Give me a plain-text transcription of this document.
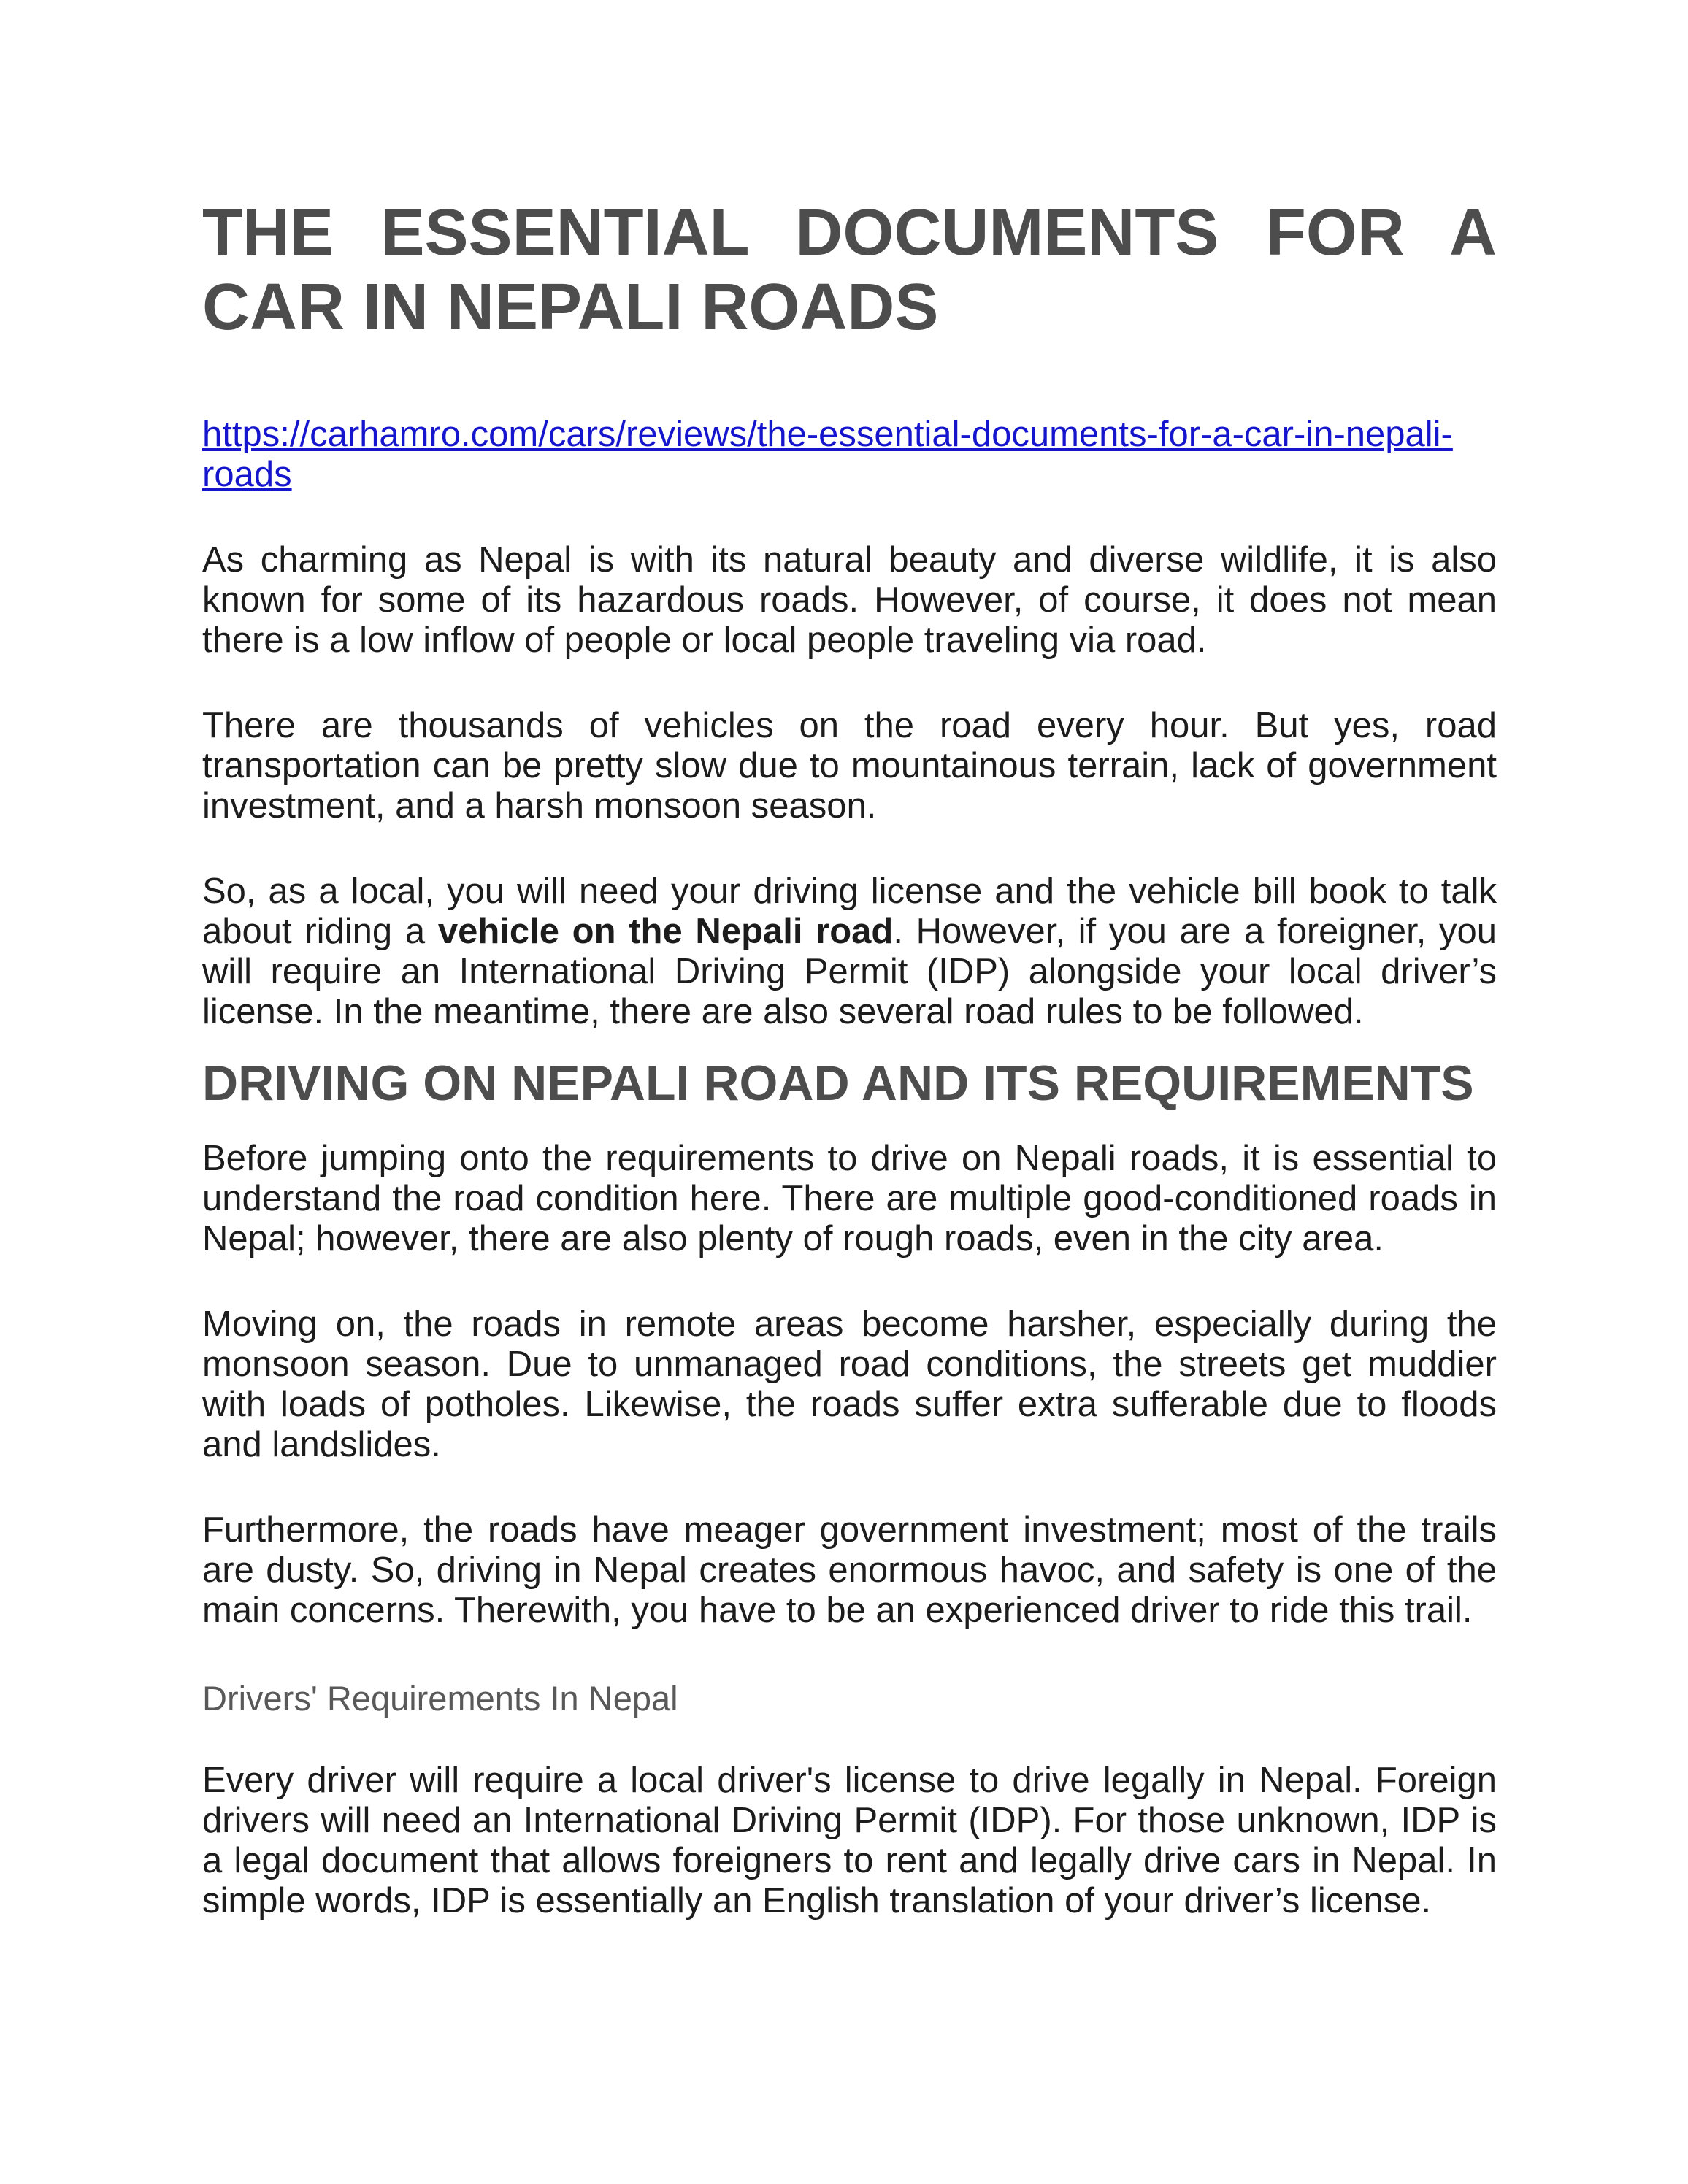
THE ESSENTIAL DOCUMENTS FOR A CAR IN NEPALI ROADS

https://carhamro.com/cars/reviews/the-essential-documents-for-a-car-in-nepali-roads

As charming as Nepal is with its natural beauty and diverse wildlife, it is also known for some of its hazardous roads. However, of course, it does not mean there is a low inflow of people or local people traveling via road.

There are thousands of vehicles on the road every hour. But yes, road transportation can be pretty slow due to mountainous terrain, lack of government investment, and a harsh monsoon season.

So, as a local, you will need your driving license and the vehicle bill book to talk about riding a vehicle on the Nepali road. However, if you are a foreigner, you will require an International Driving Permit (IDP) alongside your local driver’s license. In the meantime, there are also several road rules to be followed.

DRIVING ON NEPALI ROAD AND ITS REQUIREMENTS

Before jumping onto the requirements to drive on Nepali roads, it is essential to understand the road condition here. There are multiple good-conditioned roads in Nepal; however, there are also plenty of rough roads, even in the city area.

Moving on, the roads in remote areas become harsher, especially during the monsoon season. Due to unmanaged road conditions, the streets get muddier with loads of potholes. Likewise, the roads suffer extra sufferable due to floods and landslides.

Furthermore, the roads have meager government investment; most of the trails are dusty. So, driving in Nepal creates enormous havoc, and safety is one of the main concerns. Therewith, you have to be an experienced driver to ride this trail.

Drivers' Requirements In Nepal

Every driver will require a local driver's license to drive legally in Nepal. Foreign drivers will need an International Driving Permit (IDP). For those unknown, IDP is a legal document that allows foreigners to rent and legally drive cars in Nepal. In simple words, IDP is essentially an English translation of your driver’s license.
